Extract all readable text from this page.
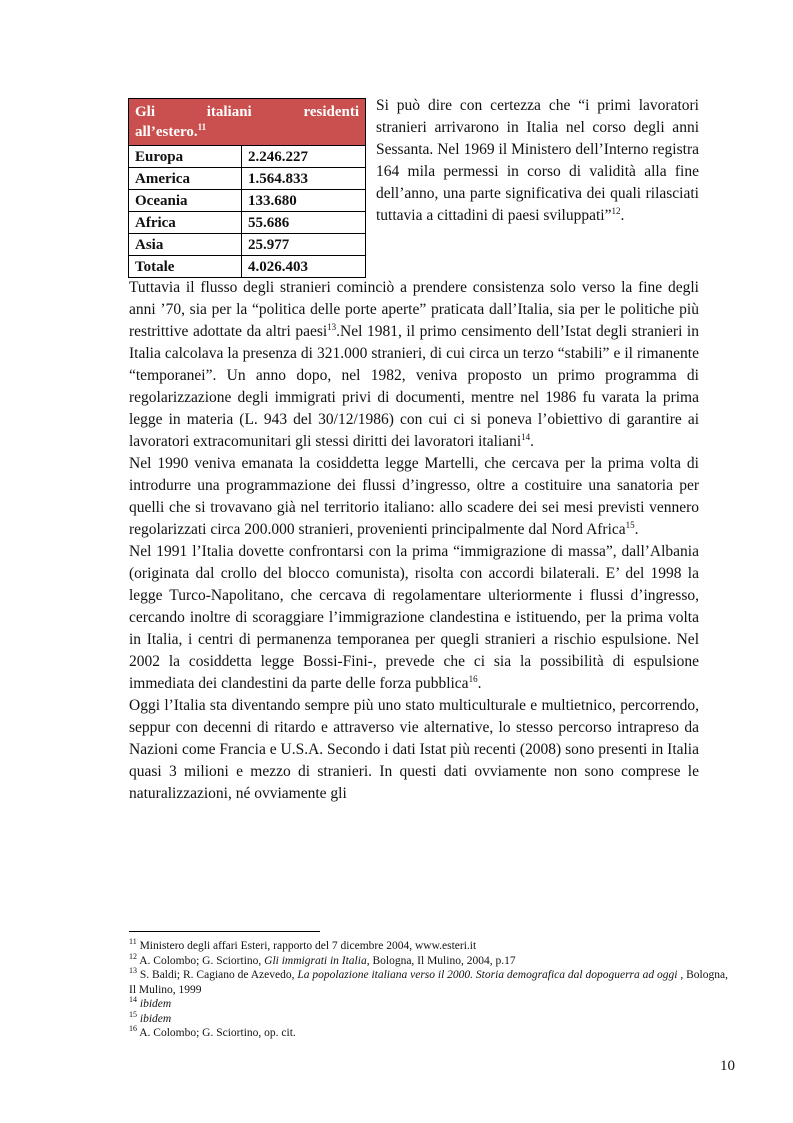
Gli italiani residenti
all’estero.$^{11}$

Europa	2.246.227
America	1.564.833
Oceania	133.680
Africa	55.686
Asia	25.977
Totale	4.026.403

Si può dire con certezza che “i primi lavoratori stranieri arrivarono in Italia nel corso degli anni Sessanta. Nel 1969 il Ministero dell’Interno registra 164 mila permessi in corso di validità alla fine dell’anno, una parte significativa dei quali rilasciati tuttavia a cittadini di paesi sviluppati”$^{12}$.

Tuttavia il flusso degli stranieri cominciò a prendere consistenza solo verso la fine degli anni ’70, sia per la “politica delle porte aperte” praticata dall’Italia, sia per le politiche più restrittive adottate da altri paesi$^{13}$.Nel 1981, il primo censimento dell’Istat degli stranieri in Italia calcolava la presenza di 321.000 stranieri, di cui circa un terzo “stabili” e il rimanente “temporanei”. Un anno dopo, nel 1982, veniva proposto un primo programma di regolarizzazione degli immigrati privi di documenti, mentre nel 1986 fu varata la prima legge in materia (L. 943 del 30/12/1986) con cui ci si poneva l’obiettivo di garantire ai lavoratori extracomunitari gli stessi diritti dei lavoratori italiani$^{14}$.

Nel 1990 veniva emanata la cosiddetta legge Martelli, che cercava per la prima volta di introdurre una programmazione dei flussi d’ingresso, oltre a costituire una sanatoria per quelli che si trovavano già nel territorio italiano: allo scadere dei sei mesi previsti vennero regolarizzati circa 200.000 stranieri, provenienti principalmente dal Nord Africa$^{15}$.

Nel 1991 l’Italia dovette confrontarsi con la prima “immigrazione di massa”, dall’Albania (originata dal crollo del blocco comunista), risolta con accordi bilaterali. E’ del 1998 la legge Turco-Napolitano, che cercava di regolamentare ulteriormente i flussi d’ingresso, cercando inoltre di scoraggiare l’immigrazione clandestina e istituendo, per la prima volta in Italia, i centri di permanenza temporanea per quegli stranieri a rischio espulsione. Nel 2002 la cosiddetta legge Bossi-Fini-, prevede che ci sia la possibilità di espulsione immediata dei clandestini da parte delle forza pubblica$^{16}$.

Oggi l’Italia sta diventando sempre più uno stato multiculturale e multietnico, percorrendo, seppur con decenni di ritardo e attraverso vie alternative, lo stesso percorso intrapreso da Nazioni come Francia e U.S.A. Secondo i dati Istat più recenti (2008) sono presenti in Italia quasi 3 milioni e mezzo di stranieri. In questi dati ovviamente non sono comprese le naturalizzazioni, né ovviamente gli

$^{11}$ Ministero degli affari Esteri, rapporto del 7 dicembre 2004, www.esteri.it
$^{12}$ A. Colombo; G. Sciortino, Gli immigrati in Italia, Bologna, Il Mulino, 2004, p.17
$^{13}$ S. Baldi; R. Cagiano de Azevedo, La popolazione italiana verso il 2000. Storia demografica dal dopoguerra ad oggi , Bologna, Il Mulino, 1999
$^{14}$ ibidem
$^{15}$ ibidem
$^{16}$ A. Colombo; G. Sciortino, op. cit.
10
